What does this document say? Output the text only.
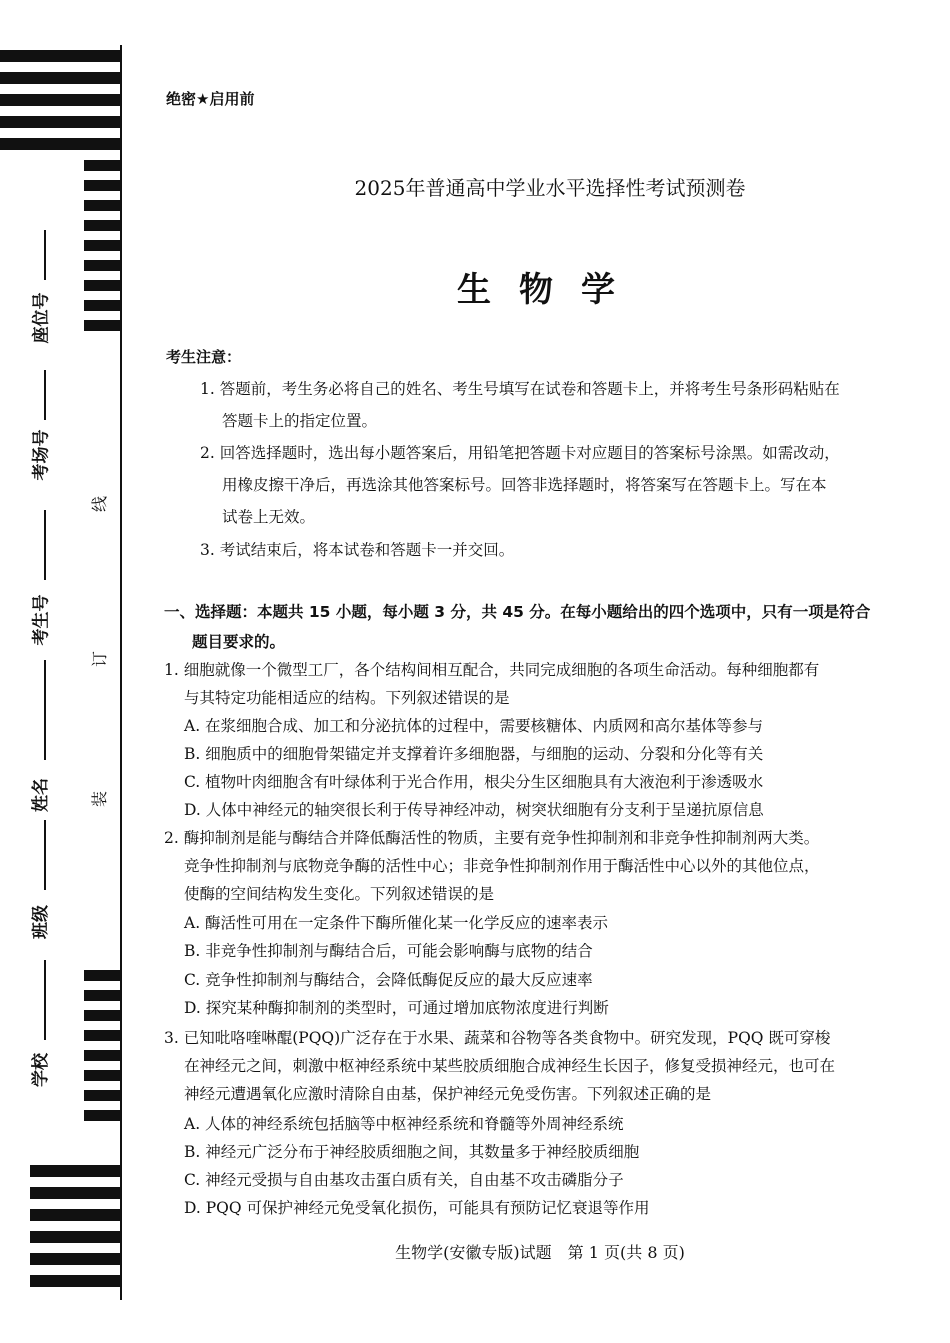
座位号
考场号
考生号
姓名
班级
学校
线
订
装
绝密★启用前
2025年普通高中学业水平选择性考试预测卷
生物学
考生注意：
1. 答题前，考生务必将自己的姓名、考生号填写在试卷和答题卡上，并将考生号条形码粘贴在
答题卡上的指定位置。
2. 回答选择题时，选出每小题答案后，用铅笔把答题卡对应题目的答案标号涂黑。如需改动，
用橡皮擦干净后，再选涂其他答案标号。回答非选择题时，将答案写在答题卡上。写在本
试卷上无效。
3. 考试结束后，将本试卷和答题卡一并交回。
一、选择题：本题共 15 小题，每小题 3 分，共 45 分。在每小题给出的四个选项中，只有一项是符合
题目要求的。
1. 细胞就像一个微型工厂，各个结构间相互配合，共同完成细胞的各项生命活动。每种细胞都有
与其特定功能相适应的结构。下列叙述错误的是
A. 在浆细胞合成、加工和分泌抗体的过程中，需要核糖体、内质网和高尔基体等参与
B. 细胞质中的细胞骨架锚定并支撑着许多细胞器，与细胞的运动、分裂和分化等有关
C. 植物叶肉细胞含有叶绿体利于光合作用，根尖分生区细胞具有大液泡利于渗透吸水
D. 人体中神经元的轴突很长利于传导神经冲动，树突状细胞有分支利于呈递抗原信息
2. 酶抑制剂是能与酶结合并降低酶活性的物质，主要有竞争性抑制剂和非竞争性抑制剂两大类。
竞争性抑制剂与底物竞争酶的活性中心；非竞争性抑制剂作用于酶活性中心以外的其他位点，
使酶的空间结构发生变化。下列叙述错误的是
A. 酶活性可用在一定条件下酶所催化某一化学反应的速率表示
B. 非竞争性抑制剂与酶结合后，可能会影响酶与底物的结合
C. 竞争性抑制剂与酶结合，会降低酶促反应的最大反应速率
D. 探究某种酶抑制剂的类型时，可通过增加底物浓度进行判断
3. 已知吡咯喹啉醌(PQQ)广泛存在于水果、蔬菜和谷物等各类食物中。研究发现，PQQ 既可穿梭
在神经元之间，刺激中枢神经系统中某些胶质细胞合成神经生长因子，修复受损神经元，也可在
神经元遭遇氧化应激时清除自由基，保护神经元免受伤害。下列叙述正确的是
A. 人体的神经系统包括脑等中枢神经系统和脊髓等外周神经系统
B. 神经元广泛分布于神经胶质细胞之间，其数量多于神经胶质细胞
C. 神经元受损与自由基攻击蛋白质有关，自由基不攻击磷脂分子
D. PQQ 可保护神经元免受氧化损伤，可能具有预防记忆衰退等作用
生物学(安徽专版)试题　第 1 页(共 8 页)
